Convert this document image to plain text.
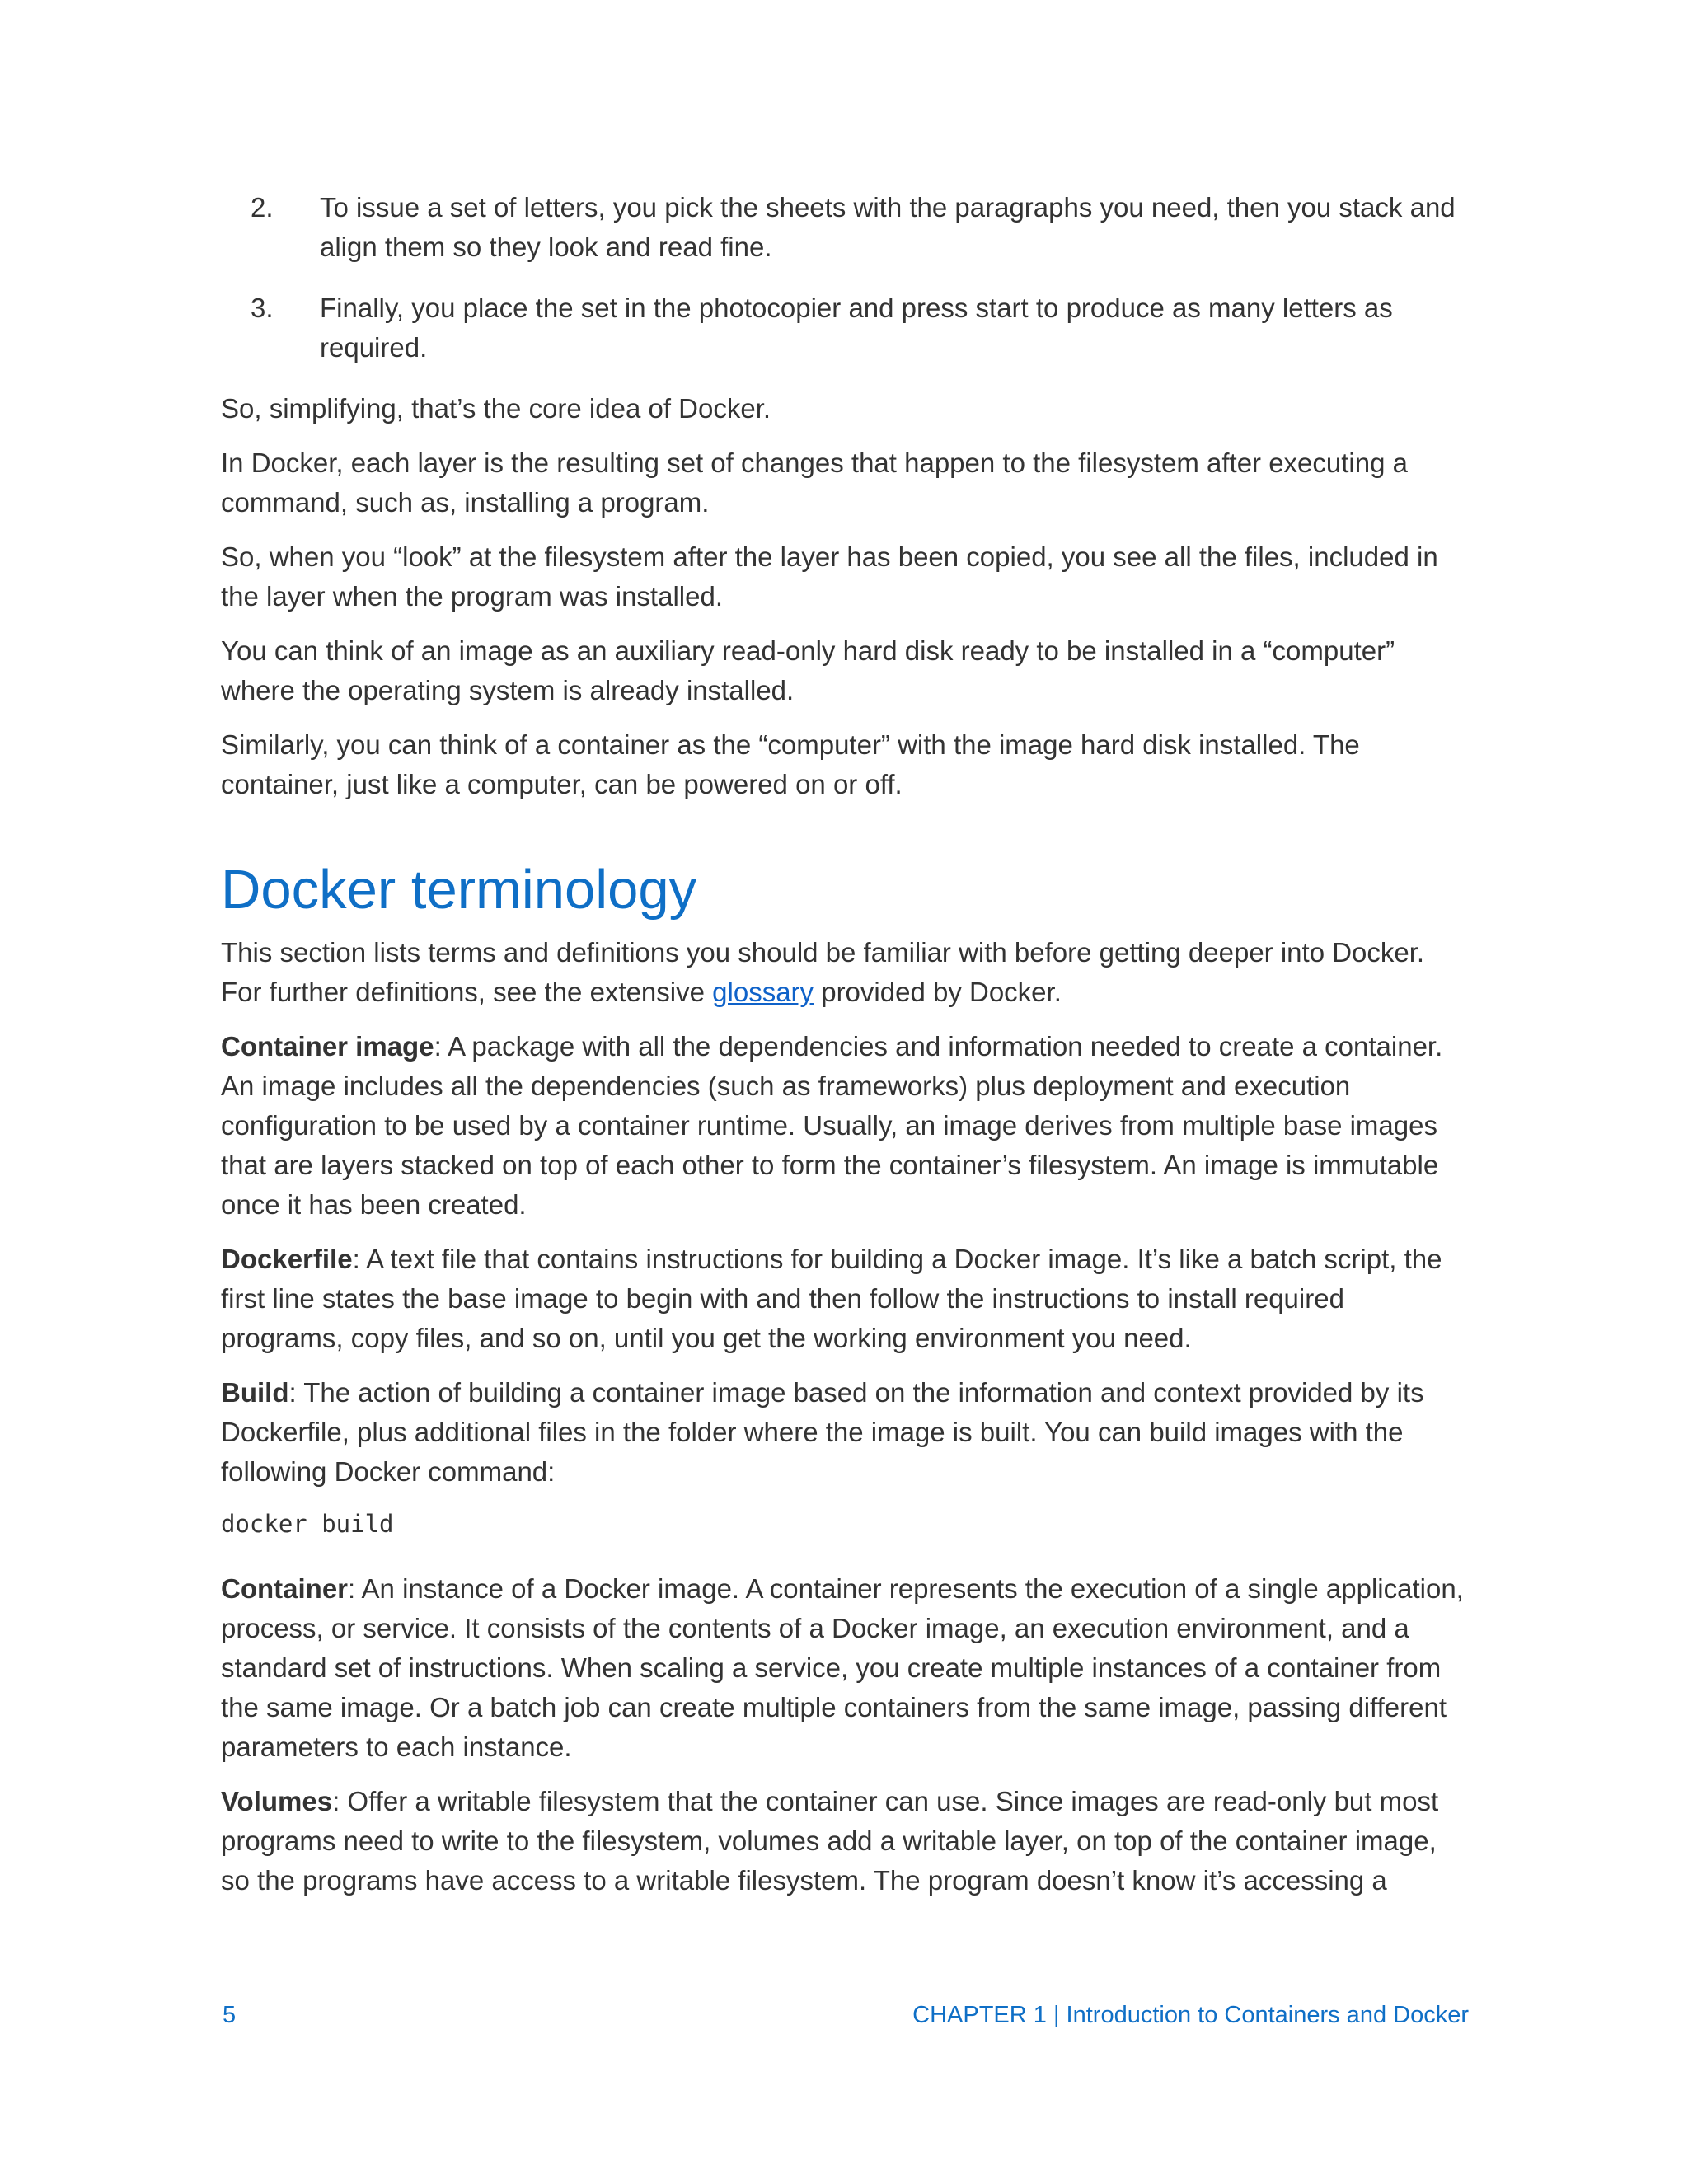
2. To issue a set of letters, you pick the sheets with the paragraphs you need, then you stack and align them so they look and read fine.
3. Finally, you place the set in the photocopier and press start to produce as many letters as required.

So, simplifying, that’s the core idea of Docker.

In Docker, each layer is the resulting set of changes that happen to the filesystem after executing a command, such as, installing a program.

So, when you “look” at the filesystem after the layer has been copied, you see all the files, included in the layer when the program was installed.

You can think of an image as an auxiliary read-only hard disk ready to be installed in a “computer” where the operating system is already installed.

Similarly, you can think of a container as the “computer” with the image hard disk installed. The container, just like a computer, can be powered on or off.

Docker terminology

This section lists terms and definitions you should be familiar with before getting deeper into Docker. For further definitions, see the extensive glossary provided by Docker.

Container image: A package with all the dependencies and information needed to create a container. An image includes all the dependencies (such as frameworks) plus deployment and execution configuration to be used by a container runtime. Usually, an image derives from multiple base images that are layers stacked on top of each other to form the container’s filesystem. An image is immutable once it has been created.

Dockerfile: A text file that contains instructions for building a Docker image. It’s like a batch script, the first line states the base image to begin with and then follow the instructions to install required programs, copy files, and so on, until you get the working environment you need.

Build: The action of building a container image based on the information and context provided by its Dockerfile, plus additional files in the folder where the image is built. You can build images with the following Docker command:

docker build

Container: An instance of a Docker image. A container represents the execution of a single application, process, or service. It consists of the contents of a Docker image, an execution environment, and a standard set of instructions. When scaling a service, you create multiple instances of a container from the same image. Or a batch job can create multiple containers from the same image, passing different parameters to each instance.

Volumes: Offer a writable filesystem that the container can use. Since images are read-only but most programs need to write to the filesystem, volumes add a writable layer, on top of the container image, so the programs have access to a writable filesystem. The program doesn’t know it’s accessing a

5	CHAPTER 1 | Introduction to Containers and Docker
